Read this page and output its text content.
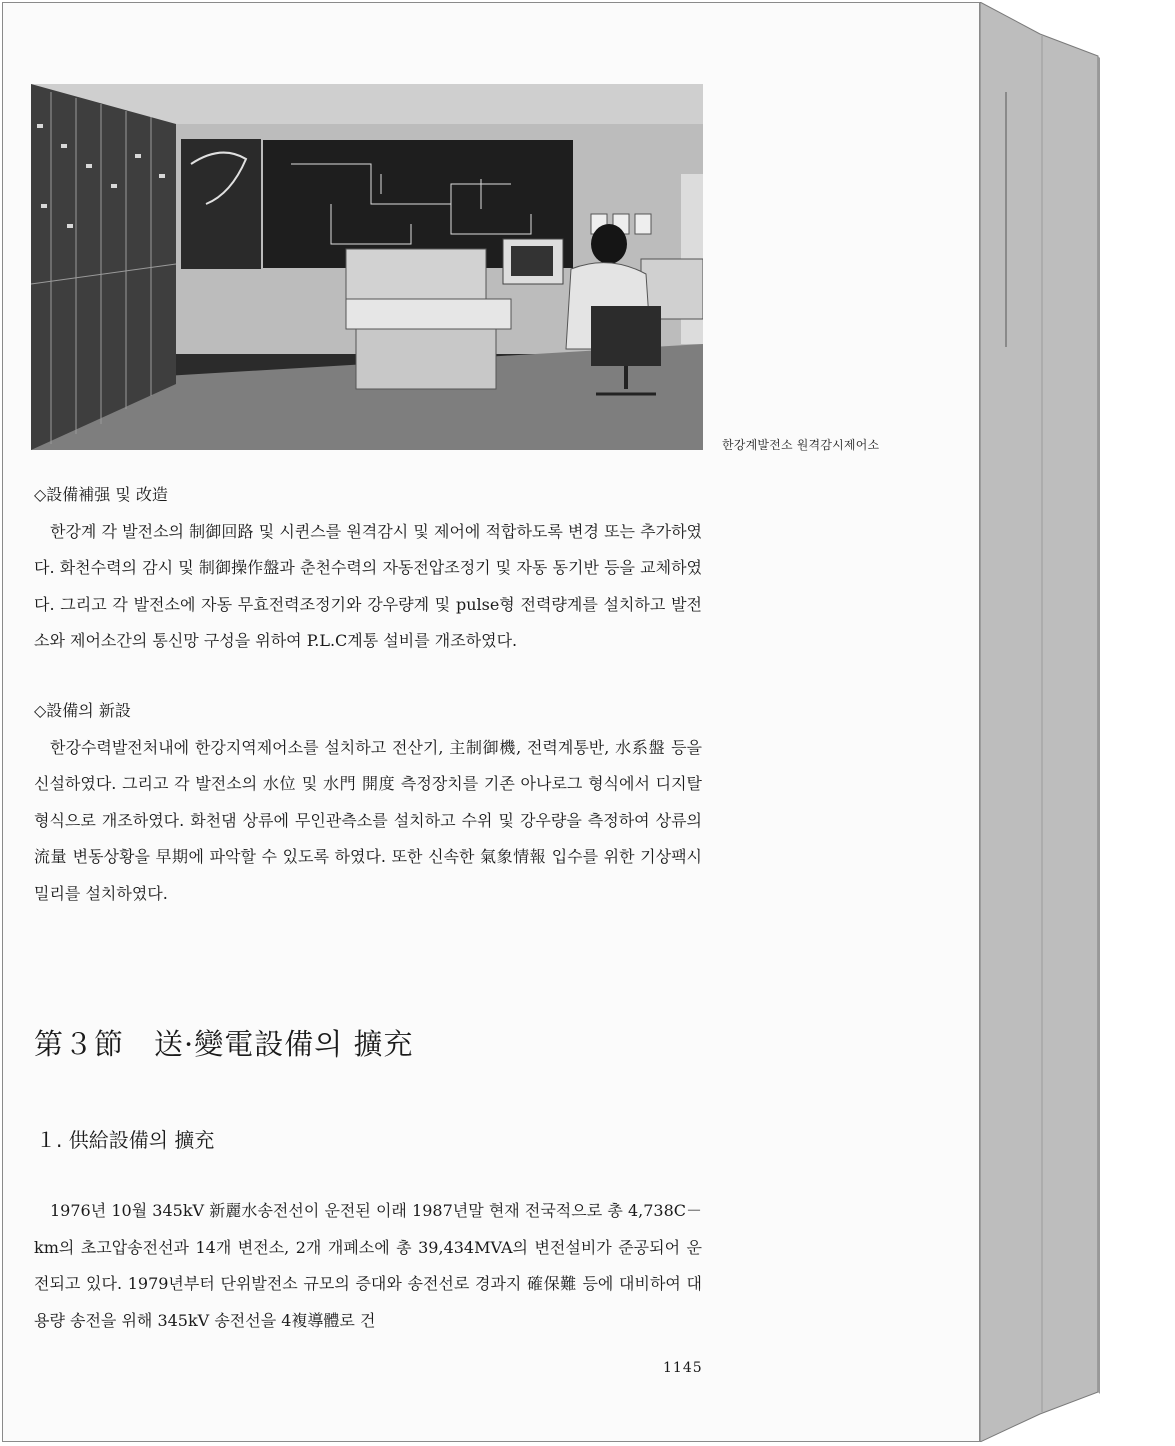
한강계발전소 원격감시제어소
◇設備補强 및 改造

한강계 각 발전소의 制御回路 및 시퀸스를 원격감시 및 제어에 적합하도록 변경 또는 추가하였다. 화천수력의 감시 및 制御操作盤과 춘천수력의 자동전압조정기 및 자동 동기반 등을 교체하였다. 그리고 각 발전소에 자동 무효전력조정기와 강우량계 및 pulse형 전력량계를 설치하고 발전소와 제어소간의 통신망 구성을 위하여 P.L.C계통 설비를 개조하였다.

◇設備의 新設

한강수력발전처내에 한강지역제어소를 설치하고 전산기, 主制御機, 전력계통반, 水系盤 등을 신설하였다. 그리고 각 발전소의 水位 및 水門 開度 측정장치를 기존 아나로그 형식에서 디지탈 형식으로 개조하였다. 화천댐 상류에 무인관측소를 설치하고 수위 및 강우량을 측정하여 상류의 流量 변동상황을 早期에 파악할 수 있도록 하였다. 또한 신속한 氣象情報 입수를 위한 기상팩시밀리를 설치하였다.

第３節　送·變電設備의 擴充
１. 供給設備의 擴充

1976년 10월 345kV 新麗水송전선이 운전된 이래 1987년말 현재 전국적으로 총 4,738C－km의 초고압송전선과 14개 변전소, 2개 개폐소에 총 39,434MVA의 변전설비가 준공되어 운전되고 있다. 1979년부터 단위발전소 규모의 증대와 송전선로 경과지 確保難 등에 대비하여 대용량 송전을 위해 345kV 송전선을 4複導體로 건

1145
